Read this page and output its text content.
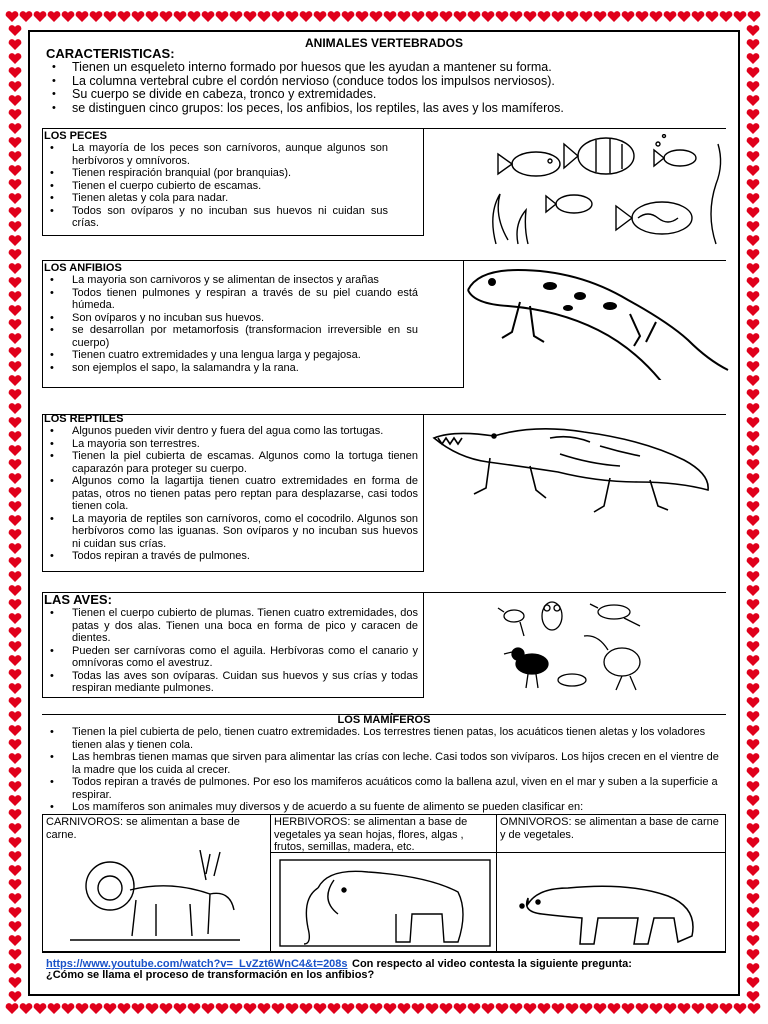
ANIMALES VERTEBRADOS
CARACTERISTICAS:
• Tienen un esqueleto interno formado por huesos que les ayudan a mantener su forma.
• La columna vertebral cubre el cordón nervioso (conduce todos los impulsos nerviosos).
• Su cuerpo se divide en cabeza, tronco y extremidades.
• se distinguen cinco grupos: los peces, los anfibios, los reptiles, las aves y los mamíferos.
LOS PECES
• La mayoría de los peces son carnívoros, aunque algunos son herbívoros y omnívoros.
• Tienen respiración branquial (por branquias).
• Tienen el cuerpo cubierto de escamas.
• Tienen aletas y cola para nadar.
• Todos son ovíparos y no incuban sus huevos ni cuidan sus crías.
LOS ANFIBIOS
• La mayoria son carnivoros y se alimentan de insectos y arañas
• Todos tienen pulmones y respiran a través de su piel cuando está húmeda.
• Son ovíparos y no incuban sus huevos.
• se desarrollan por metamorfosis (transformacion irreversible en su cuerpo)
• Tienen cuatro extremidades y una lengua larga y pegajosa.
• son ejemplos el sapo, la salamandra y la rana.
LOS REPTILES
• Algunos pueden vivir dentro y fuera del agua como las tortugas.
• La mayoria son terrestres.
• Tienen la piel cubierta de escamas. Algunos como la tortuga tienen caparazón para proteger su cuerpo.
• Algunos como la lagartija tienen cuatro extremidades en forma de patas, otros no tienen patas pero reptan para desplazarse, casi todos tienen cola.
• La mayoria de reptiles son carnívoros, como el cocodrilo. Algunos son herbívoros como las iguanas. Son ovíparos y no incuban sus huevos ni cuidan sus crías.
• Todos repiran a través de pulmones.
LAS AVES:
• Tienen el cuerpo cubierto de plumas. Tienen cuatro extremidades, dos patas y dos alas. Tienen una boca en forma de pico y caracen de dientes.
• Pueden ser carnívoras como el aguila. Herbívoras como el canario y omnívoras como el avestruz.
• Todas las aves son ovíparas. Cuidan sus huevos y sus crías y todas respiran mediante pulmones.
LOS MAMÍFEROS
• Tienen la piel cubierta de pelo, tienen cuatro extremidades. Los terrestres tienen patas, los acuáticos tienen aletas y los voladores tienen alas y tienen cola.
• Las hembras tienen mamas que sirven para alimentar las crías con leche. Casi todos son vivíparos. Los hijos crecen en el vientre de la madre que los cuida al crecer.
• Todos repiran a través de pulmones. Por eso los mamiferos acuáticos como la ballena azul, viven en el mar y suben a la superficie a respirar.
• Los mamíferos son animales muy diversos y de acuerdo a su fuente de alimento se pueden clasificar en:
CARNIVOROS: se alimentan a base de carne.
HERBIVOROS: se alimentan a base de vegetales ya sean hojas, flores, algas , frutos, semillas, madera, etc.
OMNIVOROS: se alimentan a base de carne y de vegetales.
https://www.youtube.com/watch?v=_LvZzt6WnC4&t=208s Con respecto al video contesta la siguiente pregunta:
¿Cómo se llama el proceso de transformación en los anfibios?
